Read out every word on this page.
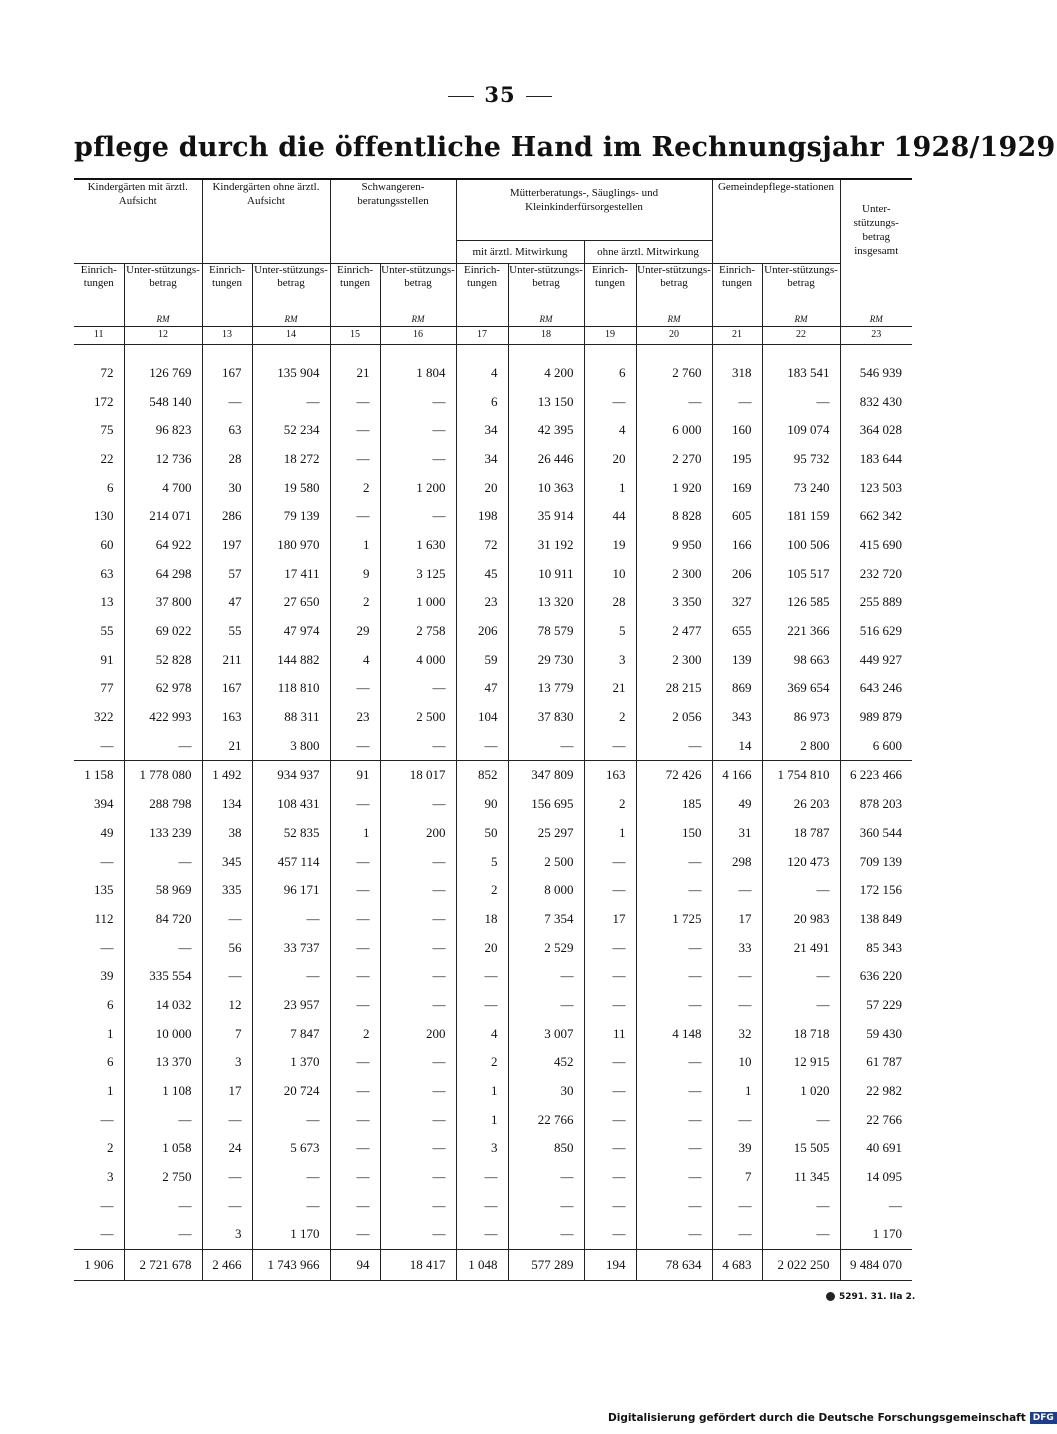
35
pflege durch die öffentliche Hand im Rechnungsjahr 1928/1929

Kindergärten mit ärztl. Aufsicht		Kindergärten ohne ärztl. Aufsicht		Schwangeren-beratungsstellen		Mütterberatungs-, Säuglings- und Kleinkinderfürsorgestellen				Gemeindepflege-stationen		Unter-stützungs-betrag insgesamt
						mit ärztl. Mitwirkung		ohne ärztl. Mitwirkung				
Einrich-tungen	Unter-stützungs-betrag	Einrich-tungen	Unter-stützungs-betrag	Einrich-tungen	Unter-stützungs-betrag	Einrich-tungen	Unter-stützungs-betrag	Einrich-tungen	Unter-stützungs-betrag	Einrich-tungen	Unter-stützungs-betrag	
	RM		RM		RM		RM		RM		RM	RM
11	12	13	14	15	16	17	18	19	20	21	22	23

72	126 769	167	135 904	21	1 804	4	4 200	6	2 760	318	183 541	546 939
172	548 140	—	—	—	—	6	13 150	—	—	—	—	832 430
75	96 823	63	52 234	—	—	34	42 395	4	6 000	160	109 074	364 028
22	12 736	28	18 272	—	—	34	26 446	20	2 270	195	95 732	183 644
6	4 700	30	19 580	2	1 200	20	10 363	1	1 920	169	73 240	123 503
130	214 071	286	79 139	—	—	198	35 914	44	8 828	605	181 159	662 342
60	64 922	197	180 970	1	1 630	72	31 192	19	9 950	166	100 506	415 690
63	64 298	57	17 411	9	3 125	45	10 911	10	2 300	206	105 517	232 720
13	37 800	47	27 650	2	1 000	23	13 320	28	3 350	327	126 585	255 889
55	69 022	55	47 974	29	2 758	206	78 579	5	2 477	655	221 366	516 629
91	52 828	211	144 882	4	4 000	59	29 730	3	2 300	139	98 663	449 927
77	62 978	167	118 810	—	—	47	13 779	21	28 215	869	369 654	643 246
322	422 993	163	88 311	23	2 500	104	37 830	2	2 056	343	86 973	989 879
—	—	21	3 800	—	—	—	—	—	—	14	2 800	6 600
1 158	1 778 080	1 492	934 937	91	18 017	852	347 809	163	72 426	4 166	1 754 810	6 223 466
394	288 798	134	108 431	—	—	90	156 695	2	185	49	26 203	878 203
49	133 239	38	52 835	1	200	50	25 297	1	150	31	18 787	360 544
—	—	345	457 114	—	—	5	2 500	—	—	298	120 473	709 139
135	58 969	335	96 171	—	—	2	8 000	—	—	—	—	172 156
112	84 720	—	—	—	—	18	7 354	17	1 725	17	20 983	138 849
—	—	56	33 737	—	—	20	2 529	—	—	33	21 491	85 343
39	335 554	—	—	—	—	—	—	—	—	—	—	636 220
6	14 032	12	23 957	—	—	—	—	—	—	—	—	57 229
1	10 000	7	7 847	2	200	4	3 007	11	4 148	32	18 718	59 430
6	13 370	3	1 370	—	—	2	452	—	—	10	12 915	61 787
1	1 108	17	20 724	—	—	1	30	—	—	1	1 020	22 982
—	—	—	—	—	—	1	22 766	—	—	—	—	22 766
2	1 058	24	5 673	—	—	3	850	—	—	39	15 505	40 691
3	2 750	—	—	—	—	—	—	—	—	7	11 345	14 095
—	—	—	—	—	—	—	—	—	—	—	—	—
—	—	3	1 170	—	—	—	—	—	—	—	—	1 170
1 906	2 721 678	2 466	1 743 966	94	18 417	1 048	577 289	194	78 634	4 683	2 022 250	9 484 070
5291. 31. IIa 2.
Digitalisierung gefördert durch die Deutsche Forschungsgemeinschaft DFG
